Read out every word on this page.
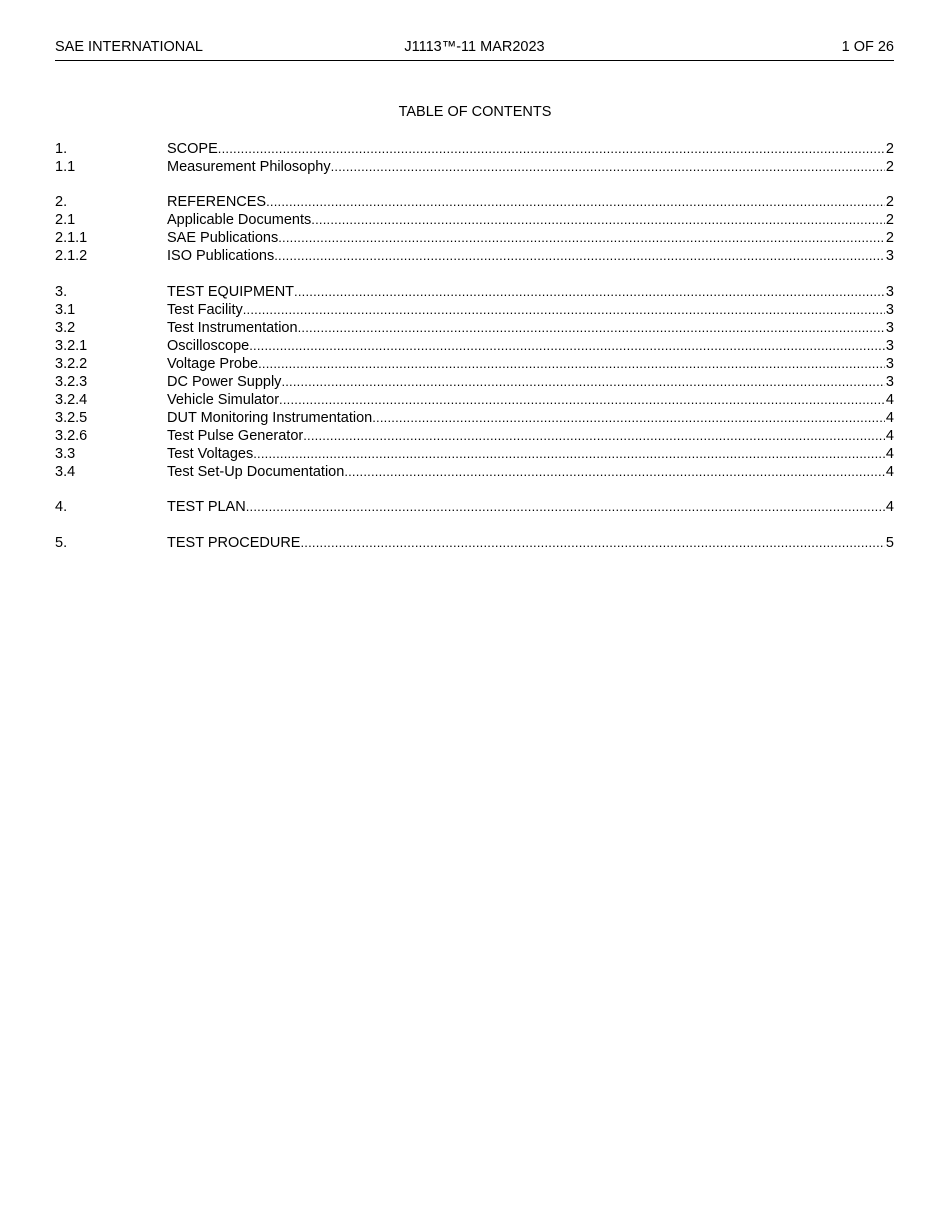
SAE INTERNATIONAL	J1113™-11 MAR2023	1 OF 26
TABLE OF CONTENTS
1.	SCOPE .....	2
1.1	Measurement Philosophy .....	2
2.	REFERENCES .....	2
2.1	Applicable Documents .....	2
2.1.1	SAE Publications .....	2
2.1.2	ISO Publications .....	3
3.	TEST EQUIPMENT .....	3
3.1	Test Facility .....	3
3.2	Test Instrumentation .....	3
3.2.1	Oscilloscope .....	3
3.2.2	Voltage Probe .....	3
3.2.3	DC Power Supply .....	3
3.2.4	Vehicle Simulator .....	4
3.2.5	DUT Monitoring Instrumentation .....	4
3.2.6	Test Pulse Generator .....	4
3.3	Test Voltages .....	4
3.4	Test Set-Up Documentation .....	4
4.	TEST PLAN .....	4
5.	TEST PROCEDURE .....	5
